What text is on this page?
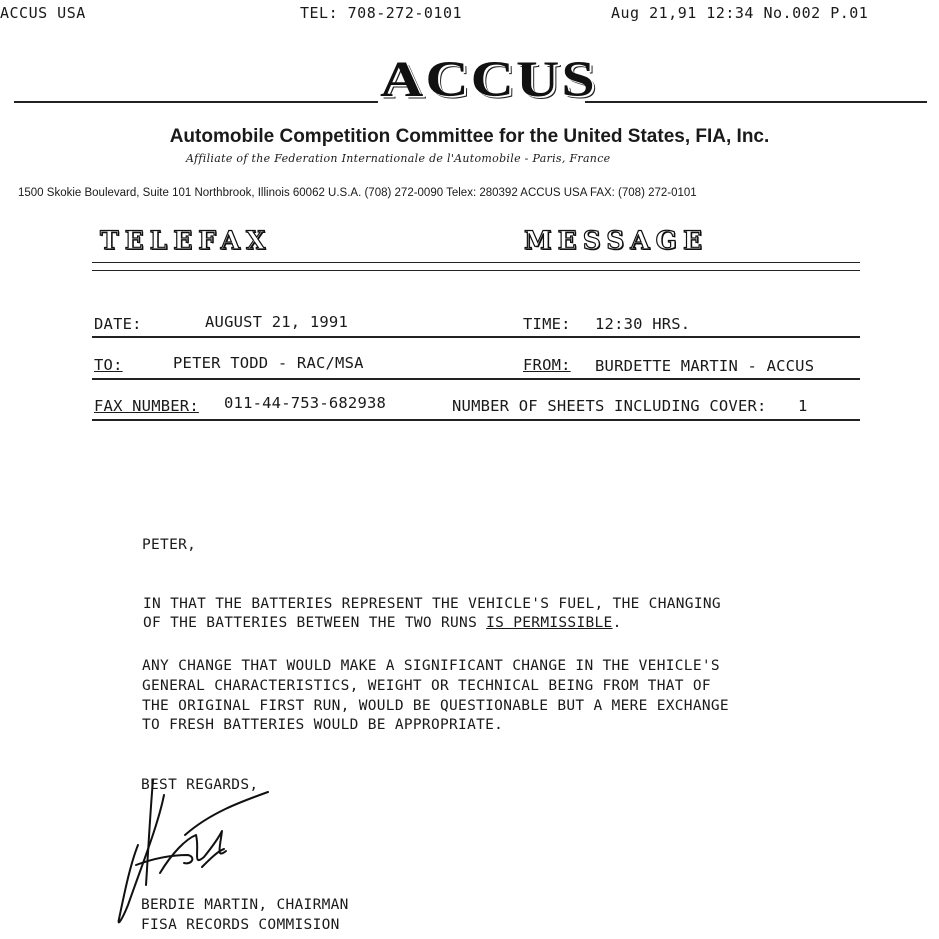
ACCUS USA	TEL: 708-272-0101	Aug 21,91 12:34 No.002 P.01
ACCUS
Automobile Competition Committee for the United States, FIA, Inc.
Affiliate of the Federation Internationale de l'Automobile - Paris, France
1500 Skokie Boulevard, Suite 101 Northbrook, Illinois 60062 U.S.A. (708) 272-0090 Telex: 280392 ACCUS USA FAX: (708) 272-0101
TELEFAX	MESSAGE
DATE:	AUGUST 21, 1991	TIME: 12:30 HRS.
TO:	PETER TODD - RAC/MSA	FROM: BURDETTE MARTIN - ACCUS
FAX NUMBER: 011-44-753-682938	NUMBER OF SHEETS INCLUDING COVER: 1
PETER,
IN THAT THE BATTERIES REPRESENT THE VEHICLE'S FUEL, THE CHANGING
OF THE BATTERIES BETWEEN THE TWO RUNS IS PERMISSIBLE.
ANY CHANGE THAT WOULD MAKE A SIGNIFICANT CHANGE IN THE VEHICLE'S
GENERAL CHARACTERISTICS, WEIGHT OR TECHNICAL BEING FROM THAT OF
THE ORIGINAL FIRST RUN, WOULD BE QUESTIONABLE BUT A MERE EXCHANGE
TO FRESH BATTERIES WOULD BE APPROPRIATE.
BEST REGARDS,
BERDIE MARTIN, CHAIRMAN
FISA RECORDS COMMISION
